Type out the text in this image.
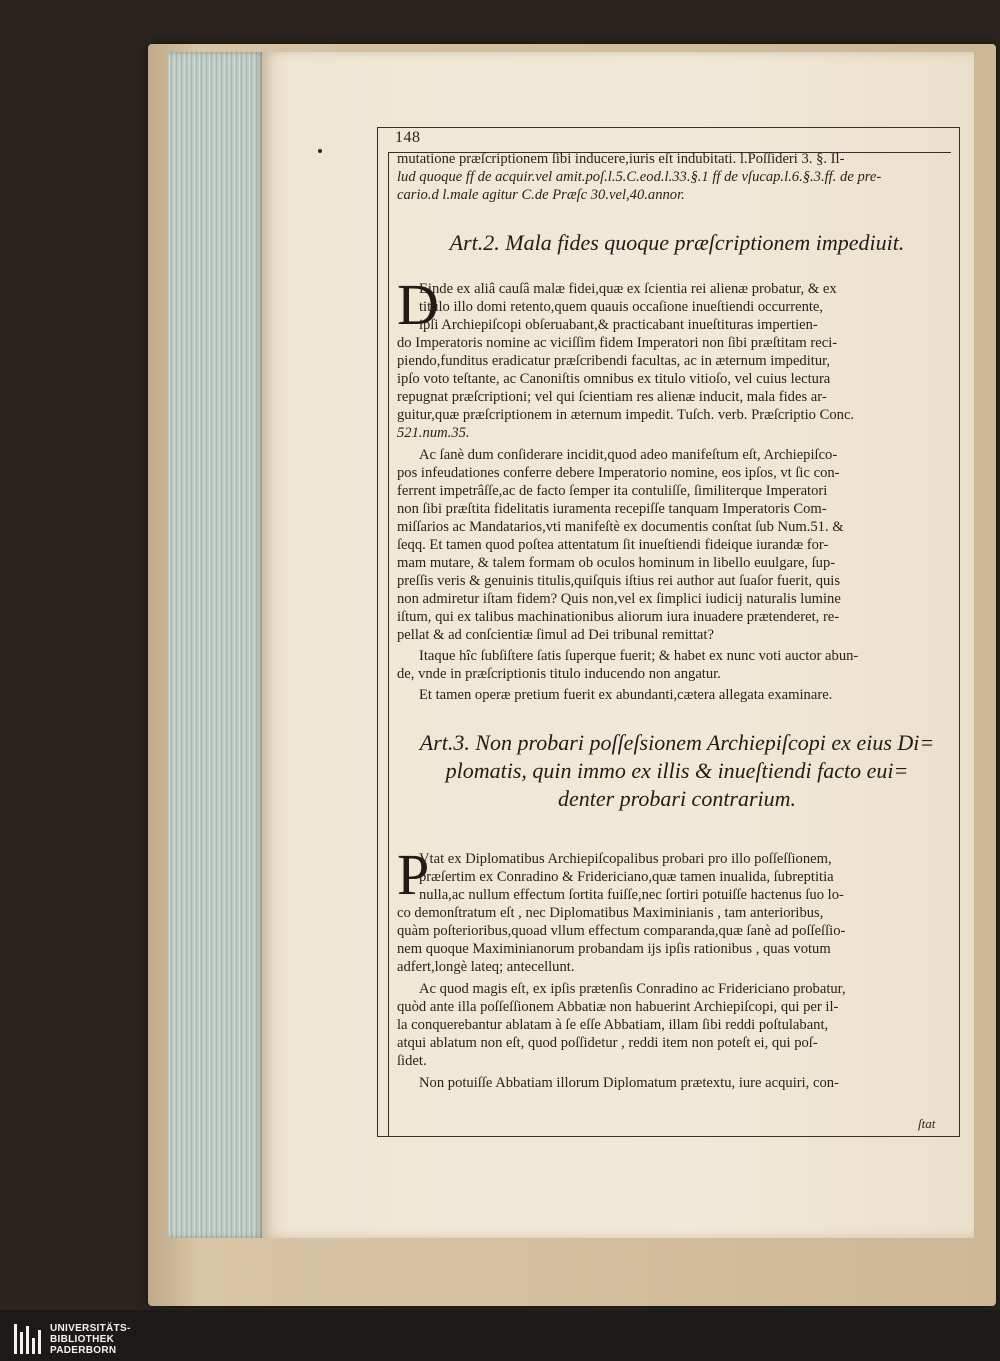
148
mutatione præſcriptionem ſibi inducere,iuris eſt indubitati. l.Poſſideri 3. §. Il-
lud quoque ff de acquir.vel amit.poſ.l.5.C.eod.l.33.§.1 ff de vſucap.l.6.§.3.ff. de pre-
cario.d l.male agitur C.de Præſc 30.vel,40.annor.
Art.2. Mala fides quoque præſcriptionem impediuit.
D
Einde ex aliâ cauſâ malæ fidei,quæ ex ſcientia rei alienæ probatur, & ex
titulo illo domi retento,quem quauis occaſione inueſtiendi occurrente,
ipſi Archiepiſcopi obſeruabant,& practicabant inueſtituras impertien-
do Imperatoris nomine ac viciſſim fidem Imperatori non ſibi præſtitam reci-
piendo,funditus eradicatur præſcribendi facultas, ac in æternum impeditur,
ipſo voto teſtante, ac Canoniſtis omnibus ex titulo vitioſo, vel cuius lectura
repugnat præſcriptioni; vel qui ſcientiam res alienæ inducit, mala fides ar-
guitur,quæ præſcriptionem in æternum impedit. Tuſch. verb. Præſcriptio Conc.
521.num.35.
Ac ſanè dum conſiderare incidit,quod adeo manifeſtum eſt, Archiepiſco-
pos infeudationes conferre debere Imperatorio nomine, eos ipſos, vt ſic con-
ferrent impetrâſſe,ac de facto ſemper ita contuliſſe, ſimiliterque Imperatori
non ſibi præſtita fidelitatis iuramenta recepiſſe tanquam Imperatoris Com-
miſſarios ac Mandatarios,vti manifeſtè ex documentis conſtat ſub Num.51. &
ſeqq. Et tamen quod poſtea attentatum ſit inueſtiendi fideique iurandæ for-
mam mutare, & talem formam ob oculos hominum in libello euulgare, ſup-
preſſis veris & genuinis titulis,quiſquis iſtius rei author aut ſuaſor fuerit, quis
non admiretur iſtam fidem? Quis non,vel ex ſimplici iudicij naturalis lumine
iſtum, qui ex talibus machinationibus aliorum iura inuadere prætenderet, re-
pellat & ad conſcientiæ ſimul ad Dei tribunal remittat?
Itaque hîc ſubſiſtere ſatis ſuperque fuerit; & habet ex nunc voti auctor abun-
de, vnde in præſcriptionis titulo inducendo non angatur.
Et tamen operæ pretium fuerit ex abundanti,cætera allegata examinare.
Art.3. Non probari poſſeſsionem Archiepiſcopi ex eius Di=
plomatis, quin immo ex illis & inueſtiendi facto eui=
denter probari contrarium.
P
Vtat ex Diplomatibus Archiepiſcopalibus probari pro illo poſſeſſionem,
præſertim ex Conradino & Fridericiano,quæ tamen inualida, ſubreptitia
nulla,ac nullum effectum ſortita fuiſſe,nec ſortiri potuiſſe hactenus ſuo lo-
co demonſtratum eſt , nec Diplomatibus Maximinianis , tam anterioribus,
quàm poſterioribus,quoad vllum effectum comparanda,quæ ſanè ad poſſeſſio-
nem quoque Maximinianorum probandam ijs ipſis rationibus , quas votum
adfert,longè lateq; antecellunt.
Ac quod magis eſt, ex ipſis prætenſis Conradino ac Fridericiano probatur,
quòd ante illa poſſeſſionem Abbatiæ non habuerint Archiepiſcopi, qui per il-
la conquerebantur ablatam à ſe eſſe Abbatiam, illam ſibi reddi poſtulabant,
atqui ablatum non eſt, quod poſſidetur , reddi item non poteſt ei, qui poſ-
ſidet.
Non potuiſſe Abbatiam illorum Diplomatum prætextu, iure acquiri, con-
ſtat
UNIVERSITÄTS-
BIBLIOTHEK
PADERBORN
